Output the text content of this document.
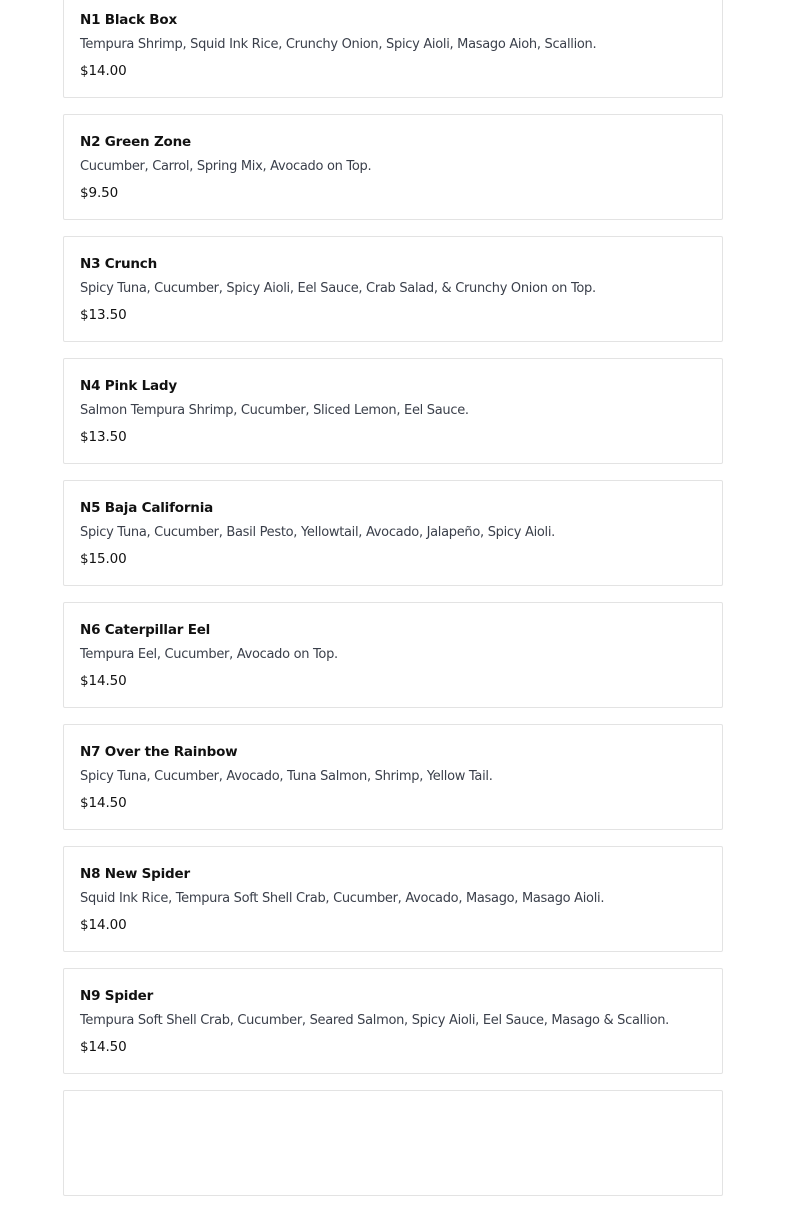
N1 Black Box
Tempura Shrimp, Squid Ink Rice, Crunchy Onion, Spicy Aioli, Masago Aioh, Scallion.
$14.00
N2 Green Zone
Cucumber, Carrol, Spring Mix, Avocado on Top.
$9.50
N3 Crunch
Spicy Tuna, Cucumber, Spicy Aioli, Eel Sauce, Crab Salad, & Crunchy Onion on Top.
$13.50
N4 Pink Lady
Salmon Tempura Shrimp, Cucumber, Sliced Lemon, Eel Sauce.
$13.50
N5 Baja California
Spicy Tuna, Cucumber, Basil Pesto, Yellowtail, Avocado, Jalapeño, Spicy Aioli.
$15.00
N6 Caterpillar Eel
Tempura Eel, Cucumber, Avocado on Top.
$14.50
N7 Over the Rainbow
Spicy Tuna, Cucumber, Avocado, Tuna Salmon, Shrimp, Yellow Tail.
$14.50
N8 New Spider
Squid Ink Rice, Tempura Soft Shell Crab, Cucumber, Avocado, Masago, Masago Aioli.
$14.00
N9 Spider
Tempura Soft Shell Crab, Cucumber, Seared Salmon, Spicy Aioli, Eel Sauce, Masago & Scallion.
$14.50
